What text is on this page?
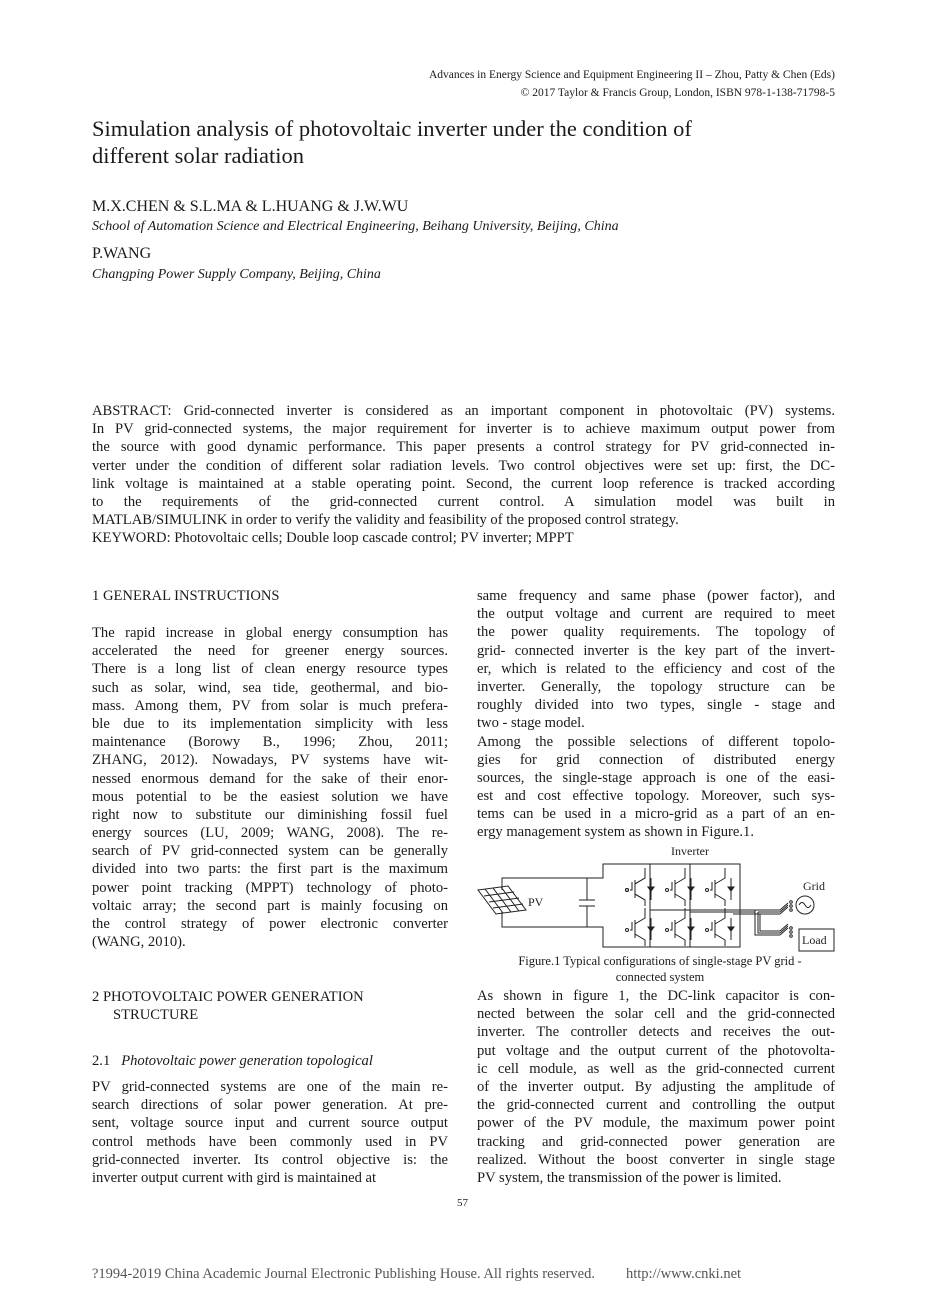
Advances in Energy Science and Equipment Engineering II – Zhou, Patty & Chen (Eds)
© 2017 Taylor & Francis Group, London, ISBN 978-1-138-71798-5
Simulation analysis of photovoltaic inverter under the condition of
different solar radiation
M.X.CHEN & S.L.MA & L.HUANG & J.W.WU
School of Automation Science and Electrical Engineering, Beihang University, Beijing, China
P.WANG
Changping Power Supply Company, Beijing, China
ABSTRACT: Grid-connected inverter is considered as an important component in photovoltaic (PV) systems.
In PV grid-connected systems, the major requirement for inverter is to achieve maximum output power from
the source with good dynamic performance. This paper presents a control strategy for PV grid-connected in-
verter under the condition of different solar radiation levels. Two control objectives were set up: first, the DC-
link voltage is maintained at a stable operating point. Second, the current loop reference is tracked according
to the requirements of the grid-connected current control. A simulation model was built in
MATLAB/SIMULINK in order to verify the validity and feasibility of the proposed control strategy.
KEYWORD: Photovoltaic cells; Double loop cascade control; PV inverter; MPPT
1 GENERAL INSTRUCTIONS
The rapid increase in global energy consumption has
accelerated the need for greener energy sources.
There is a long list of clean energy resource types
such as solar, wind, sea tide, geothermal, and bio-
mass. Among them, PV from solar is much prefera-
ble due to its implementation simplicity with less
maintenance (Borowy B., 1996; Zhou, 2011;
ZHANG, 2012). Nowadays, PV systems have wit-
nessed enormous demand for the sake of their enor-
mous potential to be the easiest solution we have
right now to substitute our diminishing fossil fuel
energy sources (LU, 2009; WANG, 2008). The re-
search of PV grid-connected system can be generally
divided into two parts: the first part is the maximum
power point tracking (MPPT) technology of photo-
voltaic array; the second part is mainly focusing on
the control strategy of power electronic converter
(WANG, 2010).
2 PHOTOVOLTAIC POWER GENERATION
STRUCTURE
2.1 Photovoltaic power generation topological
PV grid-connected systems are one of the main re-
search directions of solar power generation. At pre-
sent, voltage source input and current source output
control methods have been commonly used in PV
grid-connected inverter. Its control objective is: the
inverter output current with gird is maintained at
same frequency and same phase (power factor), and
the output voltage and current are required to meet
the power quality requirements. The topology of
grid- connected inverter is the key part of the invert-
er, which is related to the efficiency and cost of the
inverter. Generally, the topology structure can be
roughly divided into two types, single - stage and
two - stage model.
Among the possible selections of different topolo-
gies for grid connection of distributed energy
sources, the single-stage approach is one of the easi-
est and cost effective topology. Moreover, such sys-
tems can be used in a micro-grid as a part of an en-
ergy management system as shown in Figure.1.
Inverter
PV
Grid
Load
Figure.1 Typical configurations of single-stage PV grid -
connected system
As shown in figure 1, the DC-link capacitor is con-
nected between the solar cell and the grid-connected
inverter. The controller detects and receives the out-
put voltage and the output current of the photovolta-
ic cell module, as well as the grid-connected current
of the inverter output. By adjusting the amplitude of
the grid-connected current and controlling the output
power of the PV module, the maximum power point
tracking and grid-connected power generation are
realized. Without the boost converter in single stage
PV system, the transmission of the power is limited.
57
?1994-2019 China Academic Journal Electronic Publishing House. All rights reserved. http://www.cnki.net
